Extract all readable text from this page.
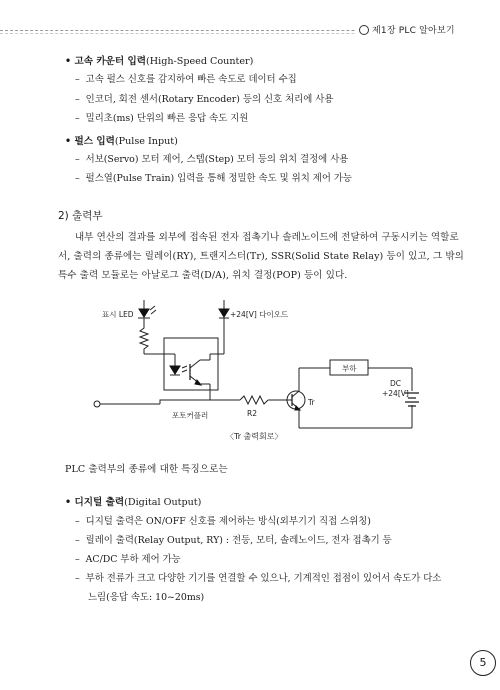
제1장 PLC 알아보기
• 고속 카운터 입력(High-Speed Counter)
–  고속 펄스 신호를 감지하여 빠른 속도로 데이터 수집
–  인코더, 회전 센서(Rotary Encoder) 등의 신호 처리에 사용
–  밀리초(ms) 단위의 빠른 응답 속도 지원
• 펄스 입력(Pulse Input)
–  서보(Servo) 모터 제어, 스텝(Step) 모터 등의 위치 결정에 사용
–  펄스열(Pulse Train) 입력을 통해 정밀한 속도 및 위치 제어 가능
2) 출력부
내부 연산의 결과를 외부에 접속된 전자 접촉기나 솔레노이드에 전달하여 구동시키는 역할로
서, 출력의 종류에는 릴레이(RY), 트랜지스터(Tr), SSR(Solid State Relay) 등이 있고, 그 밖의
특수 출력 모듈로는 아날로그 출력(D/A), 위치 결정(POP) 등이 있다.
표시 LED	+24[V] 다이오드
R2
Tr
부하
DC
+24[V]
포토커플러
〈Tr 출력회로〉
PLC 출력부의 종류에 대한 특징으로는
• 디지털 출력(Digital Output)
–  디지털 출력은 ON/OFF 신호를 제어하는 방식(외부기기 직접 스위칭)
–  릴레이 출력(Relay Output, RY) : 전등, 모터, 솔레노이드, 전자 접촉기 등
–  AC/DC 부하 제어 가능
–  부하 전류가 크고 다양한 기기를 연결할 수 있으나, 기계적인 접점이 있어서 속도가 다소
느림(응답 속도: 10~20ms)
5
